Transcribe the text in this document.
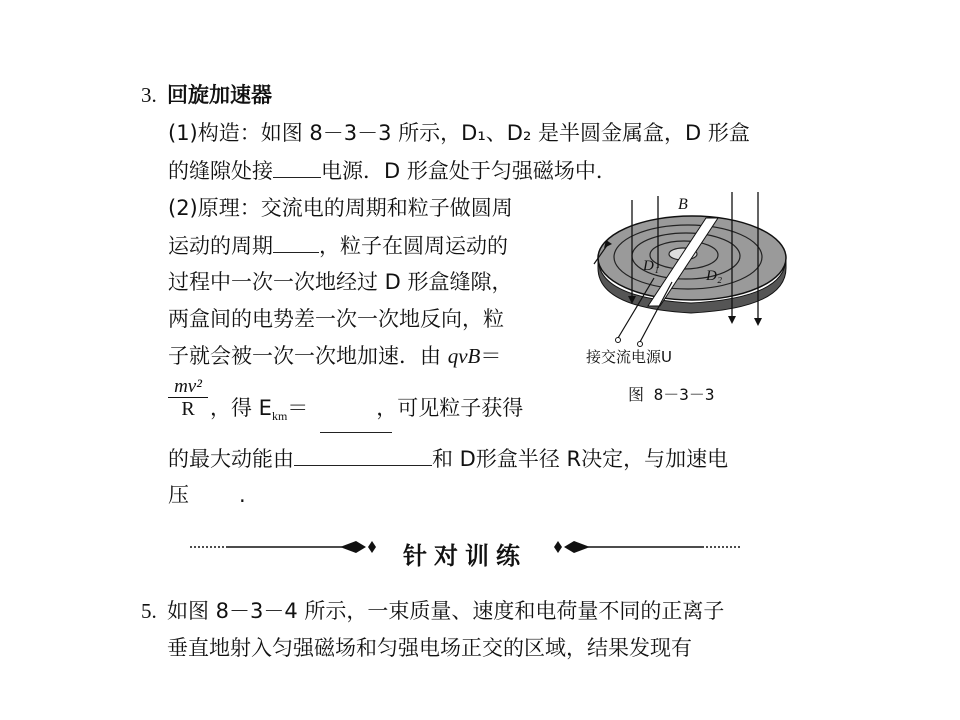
3. 回旋加速器
(1)构造：如图 8－3－3 所示，D₁、D₂ 是半圆金属盒，D 形盒
的缝隙处接 电源．D 形盒处于匀强磁场中．
(2)原理：交流电的周期和粒子做圆周
运动的周期 ，粒子在圆周运动的
过程中一次一次地经过 D 形盒缝隙，
两盒间的电势差一次一次地反向，粒
子就会被一次一次地加速．由 qvB＝
mv²
R ，得 $E_{km}=$	，可见粒子获得
的最大动能由	和 D形盒半径 R决定，与加速电
压 .
B
D₁
D₂
接交流电源U
图 8－3－3
针对训练
5. 如图 8－3－4 所示，一束质量、速度和电荷量不同的正离子
垂直地射入匀强磁场和匀强电场正交的区域，结果发现有
